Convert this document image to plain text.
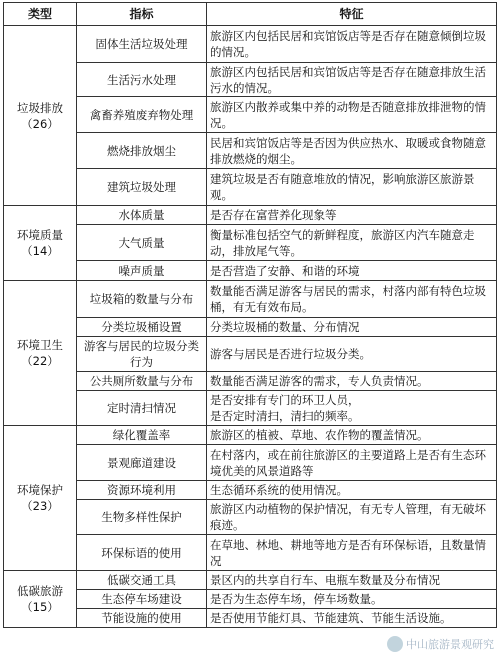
类型	指标	特征

垃圾排放
（26）	固体生活垃圾处理	旅游区内包括民居和宾馆饭店等是否存在随意倾倒垃圾的情况。
	生活污水处理	旅游区内包括民居和宾馆饭店等是否存在随意排放生活污水的情况。
	禽畜养殖废弃物处理	旅游区内散养或集中养的动物是否随意排放排泄物的情况。
	燃烧排放烟尘	民居和宾馆饭店等是否因为供应热水、取暖或食物随意排放燃烧的烟尘。
	建筑垃圾处理	建筑垃圾是否有随意堆放的情况，影响旅游区旅游景观。

环境质量
（14）	水体质量	是否存在富营养化现象等
	大气质量	衡量标准包括空气的新鲜程度，旅游区内汽车随意走动，排放尾气等。
	噪声质量	是否营造了安静、和谐的环境

环境卫生
（22）	垃圾箱的数量与分布	数量能否满足游客与居民的需求，村落内部有特色垃圾桶，有无有效布局。
	分类垃圾桶设置	分类垃圾桶的数量、分布情况
	游客与居民的垃圾分类行为	游客与居民是否进行垃圾分类。
	公共厕所数量与分布	数量能否满足游客的需求，专人负责情况。
	定时清扫情况	是否安排有专门的环卫人员，
是否定时清扫，清扫的频率。

环境保护
（23）	绿化覆盖率	旅游区的植被、草地、农作物的覆盖情况。
	景观廊道建设	在村落内，或在前往旅游区的主要道路上是否有生态环境优美的风景道路等
	资源环境利用	生态循环系统的使用情况。
	生物多样性保护	旅游区内动植物的保护情况，有无专人管理，有无破坏痕迹。
	环保标语的使用	在草地、林地、耕地等地方是否有环保标语，且数量情况

低碳旅游
（15）	低碳交通工具	景区内的共享自行车、电瓶车数量及分布情况
	生态停车场建设	是否为生态停车场，停车场数量。
	节能设施的使用	是否使用节能灯具、节能建筑、节能生活设施。
中山旅游景观研究
